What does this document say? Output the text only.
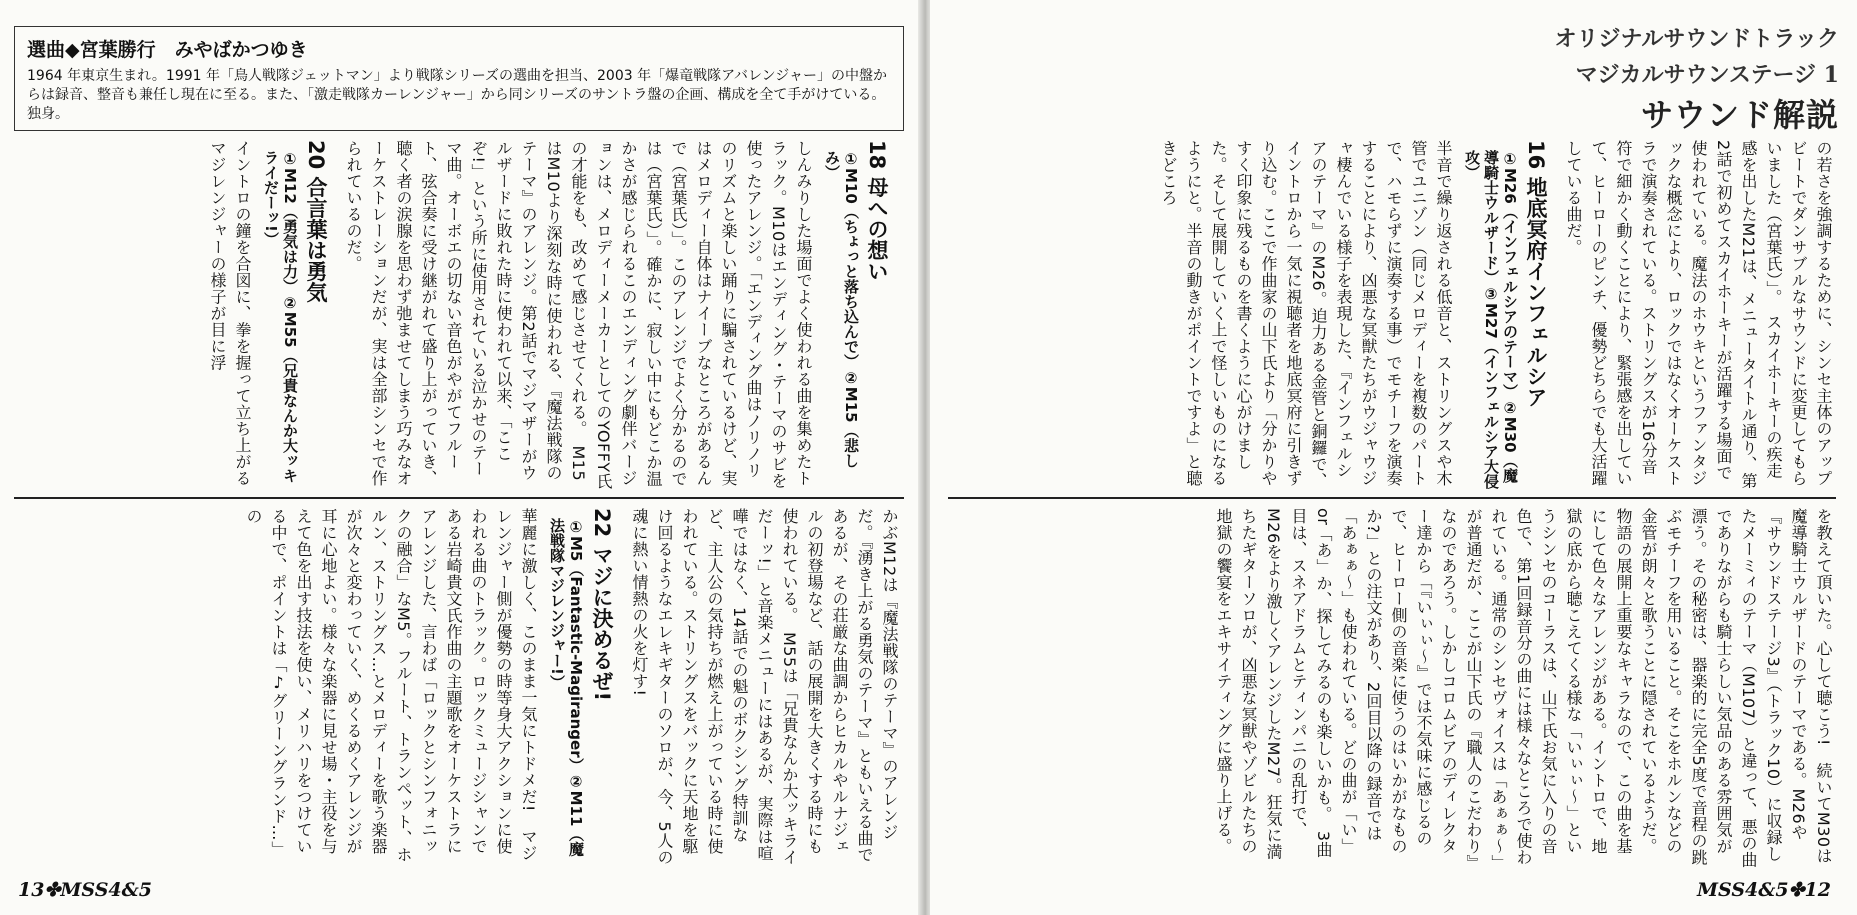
選曲◆宮葉勝行　みやばかつゆき
1964 年東京生まれ。1991 年「鳥人戦隊ジェットマン」より戦隊シリーズの選曲を担当、2003 年「爆竜戦隊アバレンジャー」の中盤からは録音、整音も兼任し現在に至る。また、「激走戦隊カーレンジャー」から同シリーズのサントラ盤の企画、構成を全て手がけている。独身。
18 母への想い
①M10（ちょっと落ち込んで）②M15（悲しみ）
しんみりした場面でよく使われる曲を集めたトラック。M10はエンディング・テーマのサビを使ったアレンジ。「エンディング曲はノリノリのリズムと楽しい踊りに騙されているけど、実はメロディー自体はナイーブなところがあるんで（宮葉氏）」。このアレンジでよく分かるのでは（宮葉氏）」。確かに、寂しい中にもどこか温かさが感じられるこのエンディング劇伴バージョンは、メロディーメーカーとしてのYOFFY氏の才能をも、改めて感じさせてくれる。　M15はM10より深刻な時に使われる、『魔法戦隊のテーマ』のアレンジ。第2話でマジマザーがウルザードに敗れた時に使われて以来、「ここぞ!」という所に使用されている泣かせのテーマ曲。オーボエの切ない音色がやがてフルート、弦合奏に受け継がれて盛り上がっていき、聴く者の涙腺を思わず弛ませてしまう巧みなオーケストレーションだが、実は全部シンセで作られているのだ。
20 合言葉は勇気
①M12（勇気は力）②M55（兄貴なんか大ッキライだーッ!）
イントロの鐘を合図に、拳を握って立ち上がるマジレンジャーの様子が目に浮
かぶM12は『魔法戦隊のテーマ』のアレンジだ。『湧き上がる勇気のテーマ』ともいえる曲であるが、その荘厳な曲調からヒカルやルナジェルの初登場など、話の展開を大きくする時にも使われている。　M55は「兄貴なんか大ッキライだーッ!」と音楽メニューにはあるが、実際は喧嘩ではなく、14話での魁のボクシング特訓など、主人公の気持ちが燃え上がっている時に使われている。ストリングスをバックに天地を駆け回るようなエレキギターのソロが、今、5人の魂に熱い情熱の火を灯す!
22 マジに決めるぜ!
①M5（Fantastic-Magiranger）②M11（魔法戦隊マジレンジャー!）
華麗に激しく、このまま一気にトドメだ!　マジレンジャー側が優勢の時等身大アクションに使われる曲のトラック。ロックミュージシャンである岩崎貴文氏作曲の主題歌をオーケストラにアレンジした、言わば「ロックとシンフォニックの融合」なM5。フルート、トランペット、ホルン、ストリングス…とメロディーを歌う楽器が次々と変わっていく、めくるめくアレンジが耳に心地よい。様々な楽器に見せ場・主役を与えて色を出す技法を使い、メリハリをつけている中で、ポイントは「♪グリーングランド…」の
13✤MSS4&5
オリジナルサウンドトラック
マジカルサウンステージ 1
サウンド解説
の若さを強調するために、シンセ主体のアップビートでダンサブルなサウンドに変更してもらいました（宮葉氏）」。　スカイホーキーの疾走感を出したM21は、メニュータイトル通り、第2話で初めてスカイホーキーが活躍する場面で使われている。魔法のホウキというファンタジックな概念により、ロックではなくオーケストラで演奏されている。ストリングスが16分音符で細かく動くことにより、緊張感を出していて、ヒーローのピンチ、優勢どちらでも大活躍している曲だ。
16 地底冥府インフェルシア
①M26（インフェルシアのテーマ）②M30（魔導騎士ウルザード）③M27（インフェルシア大侵攻）
半音で繰り返される低音と、ストリングスや木管でユニゾン（同じメロディーを複数のパートで、ハモらずに演奏する事）でモチーフを演奏することにより、凶悪な冥獣たちがウジャウジャ棲んでいる様子を表現した、『インフェルシアのテーマ』のM26。迫力ある金管と銅鑼で、イントロから一気に視聴者を地底冥府に引きずり込む。ここで作曲家の山下氏より「分かりやすく印象に残るものを書くように心がけました。そして展開していく上で怪しいものになるようにと。半音の動きがポイントですよ」と聴きどころ
を教えて頂いた。心して聴こう!　続いてM30は魔導騎士ウルザードのテーマである。M26や『サウンドステージ3』（トラック10）に収録したメーミィのテーマ（M107）と違って、悪の曲でありながらも騎士らしい気品のある雰囲気が漂う。その秘密は、器楽的に完全5度で音程の跳ぶモチーフを用いること。そこをホルンなどの金管が朗々と歌うことに隠されているようだ。物語の展開上重要なキャラなので、この曲を基にして色々なアレンジがある。イントロで、地獄の底から聴こえてくる様な「いぃぃ～」というシンセのコーラスは、山下氏お気に入りの音色で、第1回録音分の曲には様々なところで使われている。通常のシンセヴォイスは「あぁぁ～」が普通だが、ここが山下氏の『職人のこだわり』なのであろう。しかしコロムビアのディレクター達から「『いぃぃ～』では不気味に感じるので、ヒーロー側の音楽に使うのはいかがなものか?」との注文があり、2回目以降の録音では「あぁぁ～」も使われている。どの曲が「い」or「あ」か、探してみるのも楽しいかも。　3曲目は、スネアドラムとティンパニの乱打で、M26をより激しくアレンジしたM27。狂気に満ちたギターソロが、凶悪な冥獣やゾビルたちの地獄の饗宴をエキサイティングに盛り上げる。
MSS4&5✤12
